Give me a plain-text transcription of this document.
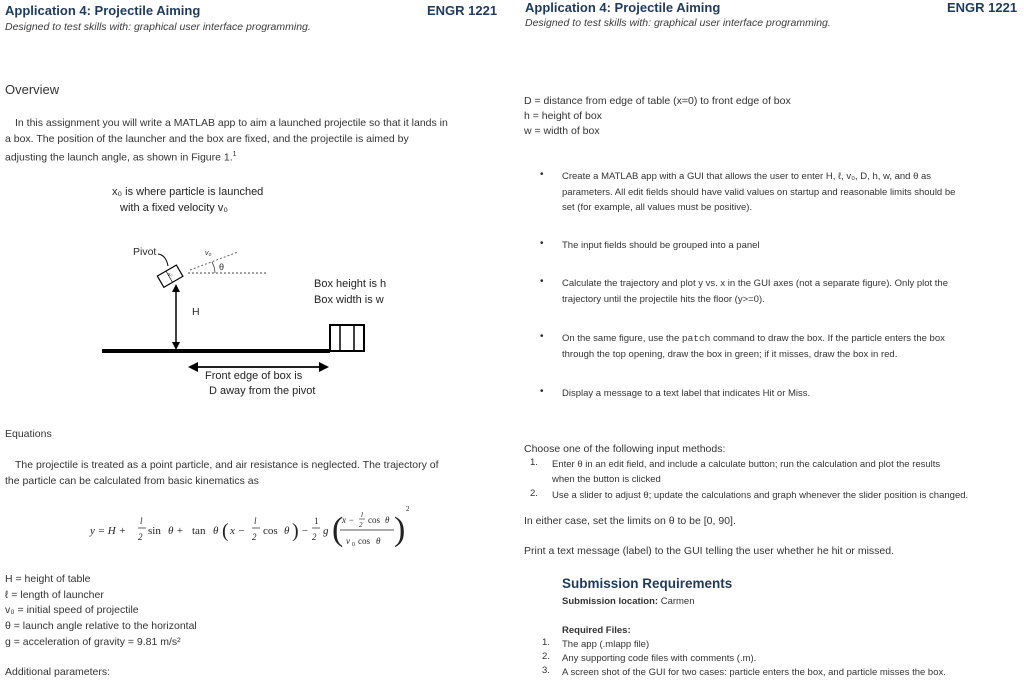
Application 4: Projectile Aiming	ENGR 1221
Designed to test skills with: graphical user interface programming.
Overview
In this assignment you will write a MATLAB app to aim a launched projectile so that it lands in
a box. The position of the launcher and the box are fixed, and the projectile is aimed by
adjusting the launch angle, as shown in Figure 1.$^1$
x₀ is where particle is launched
with a fixed velocity v₀
Pivot	v₀
θ
x₀
H
Box height is h
Box width is w
Front edge of box is
D away from the pivot
Equations
The projectile is treated as a point particle, and air resistance is neglected. The trajectory of
the particle can be calculated from basic kinematics as
y = H +
l
2 sin θ + tan θ ( x −
l
2 cos θ ) −
1
2 g (
x − l
2 cos θ
v 0 cos θ )
2
H = height of table
ℓ = length of launcher
v₀ = initial speed of projectile
θ = launch angle relative to the horizontal
g = acceleration of gravity = 9.81 m/s²
Additional parameters:
Application 4: Projectile Aiming	ENGR 1221
Designed to test skills with: graphical user interface programming.
D = distance from edge of table (x=0) to front edge of box
h = height of box
w = width of box
•	Create a MATLAB app with a GUI that allows the user to enter H, ℓ, v₀, D, h, w, and θ as
parameters. All edit fields should have valid values on startup and reasonable limits should be
set (for example, all values must be positive).
•	The input fields should be grouped into a panel
•	Calculate the trajectory and plot y vs. x in the GUI axes (not a separate figure). Only plot the
trajectory until the projectile hits the floor (y>=0).
•	On the same figure, use the patch command to draw the box. If the particle enters the box
through the top opening, draw the box in green; if it misses, draw the box in red.
•	Display a message to a text label that indicates Hit or Miss.
Choose one of the following input methods:
1. Enter θ in an edit field, and include a calculate button; run the calculation and plot the results
when the button is clicked
2. Use a slider to adjust θ; update the calculations and graph whenever the slider position is changed.
In either case, set the limits on θ to be [0, 90].
Print a text message (label) to the GUI telling the user whether he hit or missed.
Submission Requirements
Submission location: Carmen
Required Files:
1. The app (.mlapp file)
2. Any supporting code files with comments (.m).
3. A screen shot of the GUI for two cases: particle enters the box, and particle misses the box.
